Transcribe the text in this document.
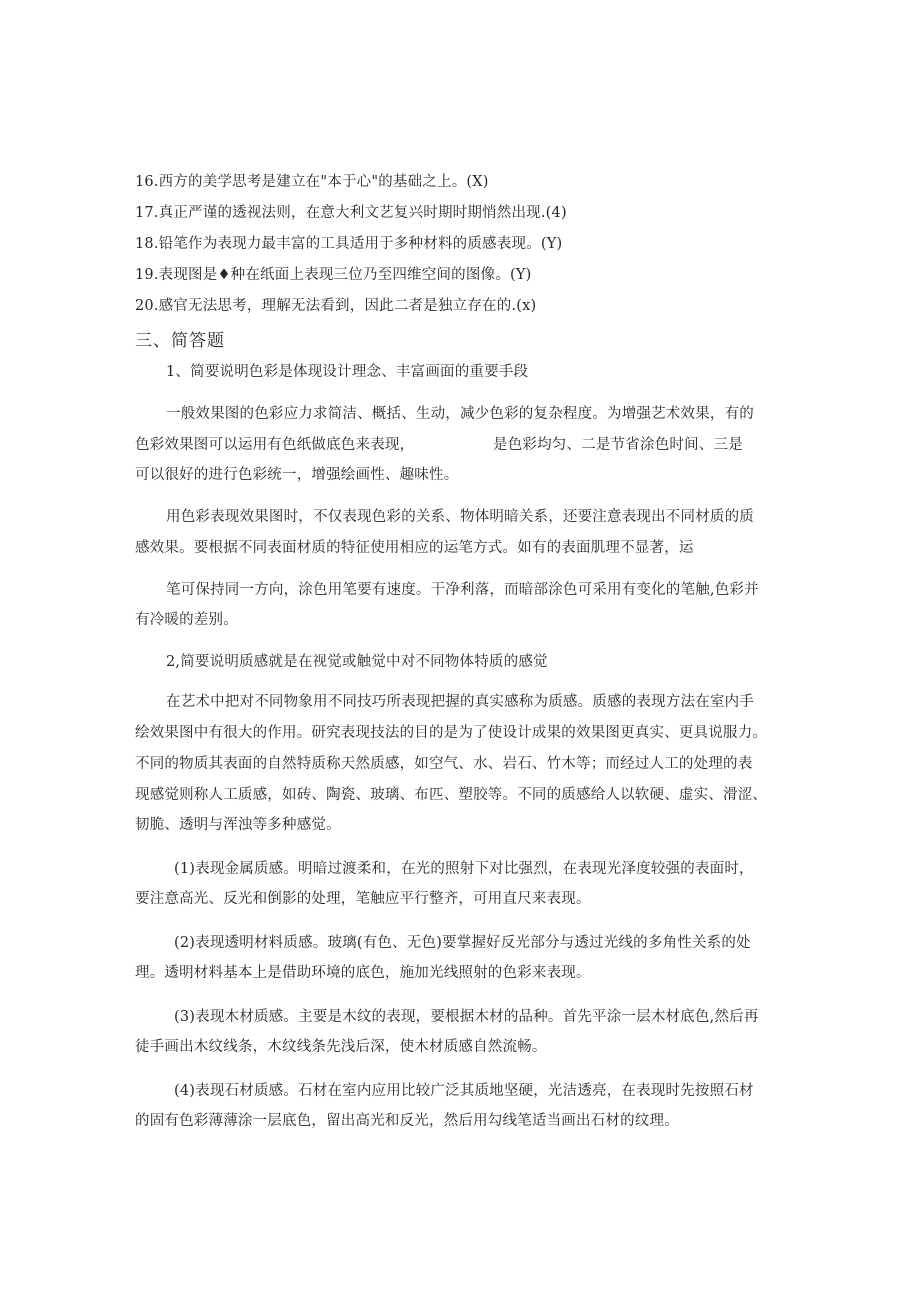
16.西方的美学思考是建立在"本于心"的基础之上。(X)
17.真正严谨的透视法则，在意大利文艺复兴时期时期悄然出现.(4)
18.铅笔作为表现力最丰富的工具适用于多种材料的质感表现。(Y)
19.表现图是♦种在纸面上表现三位乃至四维空间的图像。(Y)
20.感官无法思考，理解无法看到，因此二者是独立存在的.(x)
三、简答题
1、简要说明色彩是体现设计理念、丰富画面的重要手段
一般效果图的色彩应力求简洁、概括、生动，减少色彩的复杂程度。为增强艺术效果，有的
色彩效果图可以运用有色纸做底色来表现，	是色彩均匀、二是节省涂色时间、三是
可以很好的进行色彩统一，增强绘画性、趣味性。
用色彩表现效果图时，不仅表现色彩的关系、物体明暗关系，还要注意表现出不同材质的质
感效果。要根据不同表面材质的特征使用相应的运笔方式。如有的表面肌理不显著，运
笔可保持同一方向，涂色用笔要有速度。干净利落，而暗部涂色可采用有变化的笔触,色彩并
有冷暖的差别。
2,简要说明质感就是在视觉或触觉中对不同物体特质的感觉
在艺术中把对不同物象用不同技巧所表现把握的真实感称为质感。质感的表现方法在室内手
绘效果图中有很大的作用。研究表现技法的目的是为了使设计成果的效果图更真实、更具说服力。
不同的物质其表面的自然特质称天然质感，如空气、水、岩石、竹木等；而经过人工的处理的表
现感觉则称人工质感，如砖、陶瓷、玻璃、布匹、塑胶等。不同的质感给人以软硬、虚实、滑涩、
韧脆、透明与浑浊等多种感觉。
(1)表现金属质感。明暗过渡柔和，在光的照射下对比强烈，在表现光泽度较强的表面时，
要注意高光、反光和倒影的处理，笔触应平行整齐，可用直尺来表现。
(2)表现透明材料质感。玻璃(有色、无色)要掌握好反光部分与透过光线的多角性关系的处
理。透明材料基本上是借助环境的底色，施加光线照射的色彩来表现。
(3)表现木材质感。主要是木纹的表现，要根据木材的品种。首先平涂一层木材底色,然后再
徒手画出木纹线条，木纹线条先浅后深，使木材质感自然流畅。
(4)表现石材质感。石材在室内应用比较广泛其质地坚硬，光洁透亮，在表现时先按照石材
的固有色彩薄薄涂一层底色，留出高光和反光，然后用勾线笔适当画出石材的纹理。
